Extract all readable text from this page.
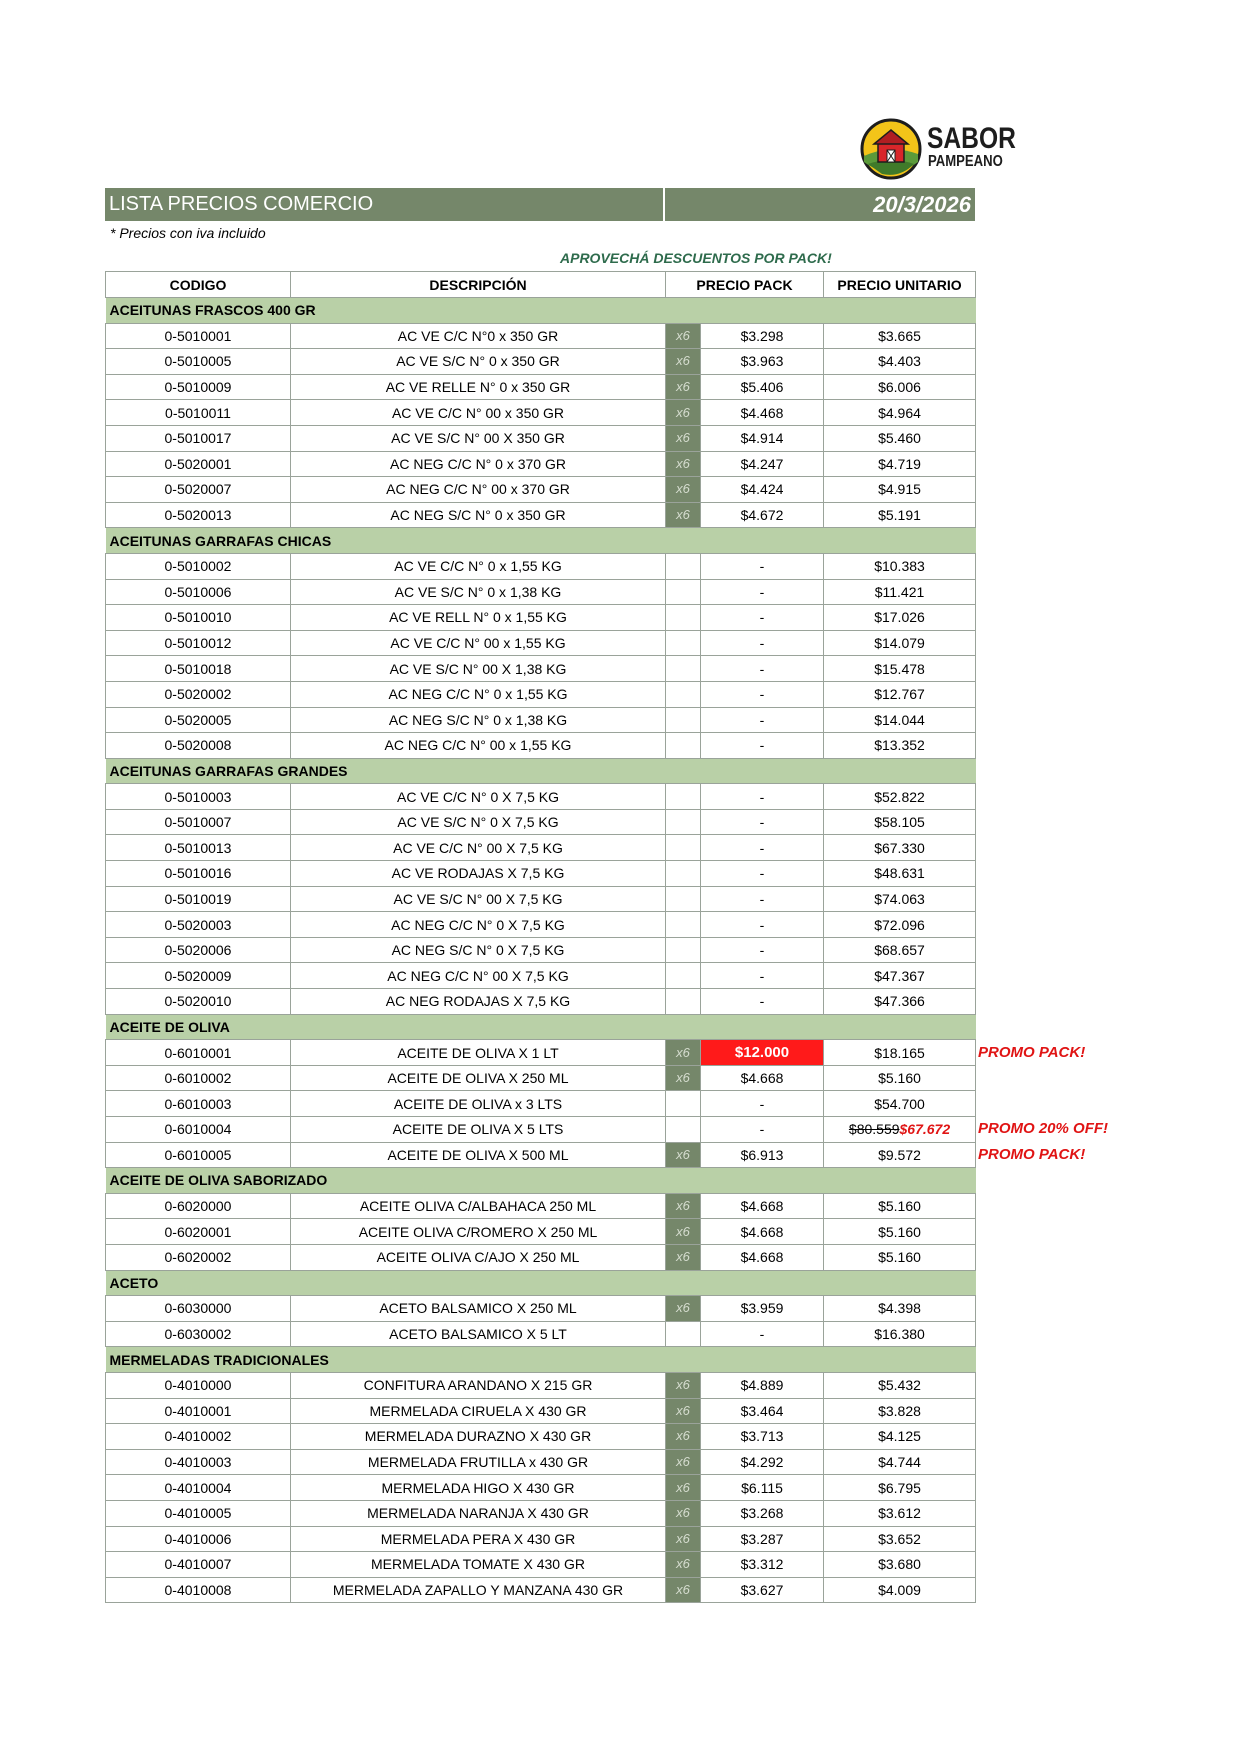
SABOR
PAMPEANO
LISTA PRECIOS COMERCIO	20/3/2026
* Precios con iva incluido
APROVECHÁ DESCUENTOS POR PACK!
CODIGO	DESCRIPCIÓN	PRECIO PACK		PRECIO UNITARIO
ACEITUNAS FRASCOS 400 GR				
0-5010001	AC VE C/C N°0 x 350 GR	x6	$3.298	$3.665
0-5010005	AC VE S/C N° 0 x 350 GR	x6	$3.963	$4.403
0-5010009	AC VE RELLE N° 0 x 350 GR	x6	$5.406	$6.006
0-5010011	AC VE C/C N° 00 x 350 GR	x6	$4.468	$4.964
0-5010017	AC VE S/C N° 00 X 350 GR	x6	$4.914	$5.460
0-5020001	AC NEG C/C N° 0 x 370 GR	x6	$4.247	$4.719
0-5020007	AC NEG C/C N° 00 x 370 GR	x6	$4.424	$4.915
0-5020013	AC NEG S/C N° 0 x 350 GR	x6	$4.672	$5.191
ACEITUNAS GARRAFAS CHICAS				
0-5010002	AC VE C/C N° 0 x 1,55 KG		-	$10.383
0-5010006	AC VE S/C N° 0 x 1,38 KG		-	$11.421
0-5010010	AC VE RELL N° 0 x 1,55 KG		-	$17.026
0-5010012	AC VE C/C N° 00 x 1,55 KG		-	$14.079
0-5010018	AC VE S/C N° 00 X 1,38 KG		-	$15.478
0-5020002	AC NEG C/C N° 0 x 1,55 KG		-	$12.767
0-5020005	AC NEG S/C N° 0 x 1,38 KG		-	$14.044
0-5020008	AC NEG C/C N° 00 x 1,55 KG		-	$13.352
ACEITUNAS GARRAFAS GRANDES				
0-5010003	AC VE C/C N° 0 X 7,5 KG		-	$52.822
0-5010007	AC VE S/C N° 0 X 7,5 KG		-	$58.105
0-5010013	AC VE C/C N° 00 X 7,5 KG		-	$67.330
0-5010016	AC VE RODAJAS X 7,5 KG		-	$48.631
0-5010019	AC VE S/C N° 00 X 7,5 KG		-	$74.063
0-5020003	AC NEG C/C N° 0 X 7,5 KG		-	$72.096
0-5020006	AC NEG S/C N° 0 X 7,5 KG		-	$68.657
0-5020009	AC NEG C/C N° 00 X 7,5 KG		-	$47.367
0-5020010	AC NEG RODAJAS X 7,5 KG		-	$47.366
ACEITE DE OLIVA				
0-6010001	ACEITE DE OLIVA X 1 LT	x6	$12.000	$18.165
0-6010002	ACEITE DE OLIVA X 250 ML	x6	$4.668	$5.160
0-6010003	ACEITE DE OLIVA x 3 LTS		-	$54.700
0-6010004	ACEITE DE OLIVA X 5 LTS		-	$80.559$67.672
0-6010005	ACEITE DE OLIVA X 500 ML	x6	$6.913	$9.572
ACEITE DE OLIVA SABORIZADO				
0-6020000	ACEITE OLIVA C/ALBAHACA 250 ML	x6	$4.668	$5.160
0-6020001	ACEITE OLIVA C/ROMERO X 250 ML	x6	$4.668	$5.160
0-6020002	ACEITE OLIVA C/AJO X 250 ML	x6	$4.668	$5.160
ACETO				
0-6030000	ACETO BALSAMICO X 250 ML	x6	$3.959	$4.398
0-6030002	ACETO BALSAMICO X 5 LT		-	$16.380
MERMELADAS TRADICIONALES				
0-4010000	CONFITURA ARANDANO X 215 GR	x6	$4.889	$5.432
0-4010001	MERMELADA CIRUELA X 430 GR	x6	$3.464	$3.828
0-4010002	MERMELADA DURAZNO X 430 GR	x6	$3.713	$4.125
0-4010003	MERMELADA FRUTILLA x 430 GR	x6	$4.292	$4.744
0-4010004	MERMELADA HIGO X 430 GR	x6	$6.115	$6.795
0-4010005	MERMELADA NARANJA X 430 GR	x6	$3.268	$3.612
0-4010006	MERMELADA PERA X 430 GR	x6	$3.287	$3.652
0-4010007	MERMELADA TOMATE X 430 GR	x6	$3.312	$3.680
0-4010008	MERMELADA ZAPALLO Y MANZANA 430 GR	x6	$3.627	$4.009
PROMO PACK!
PROMO 20% OFF!
PROMO PACK!
